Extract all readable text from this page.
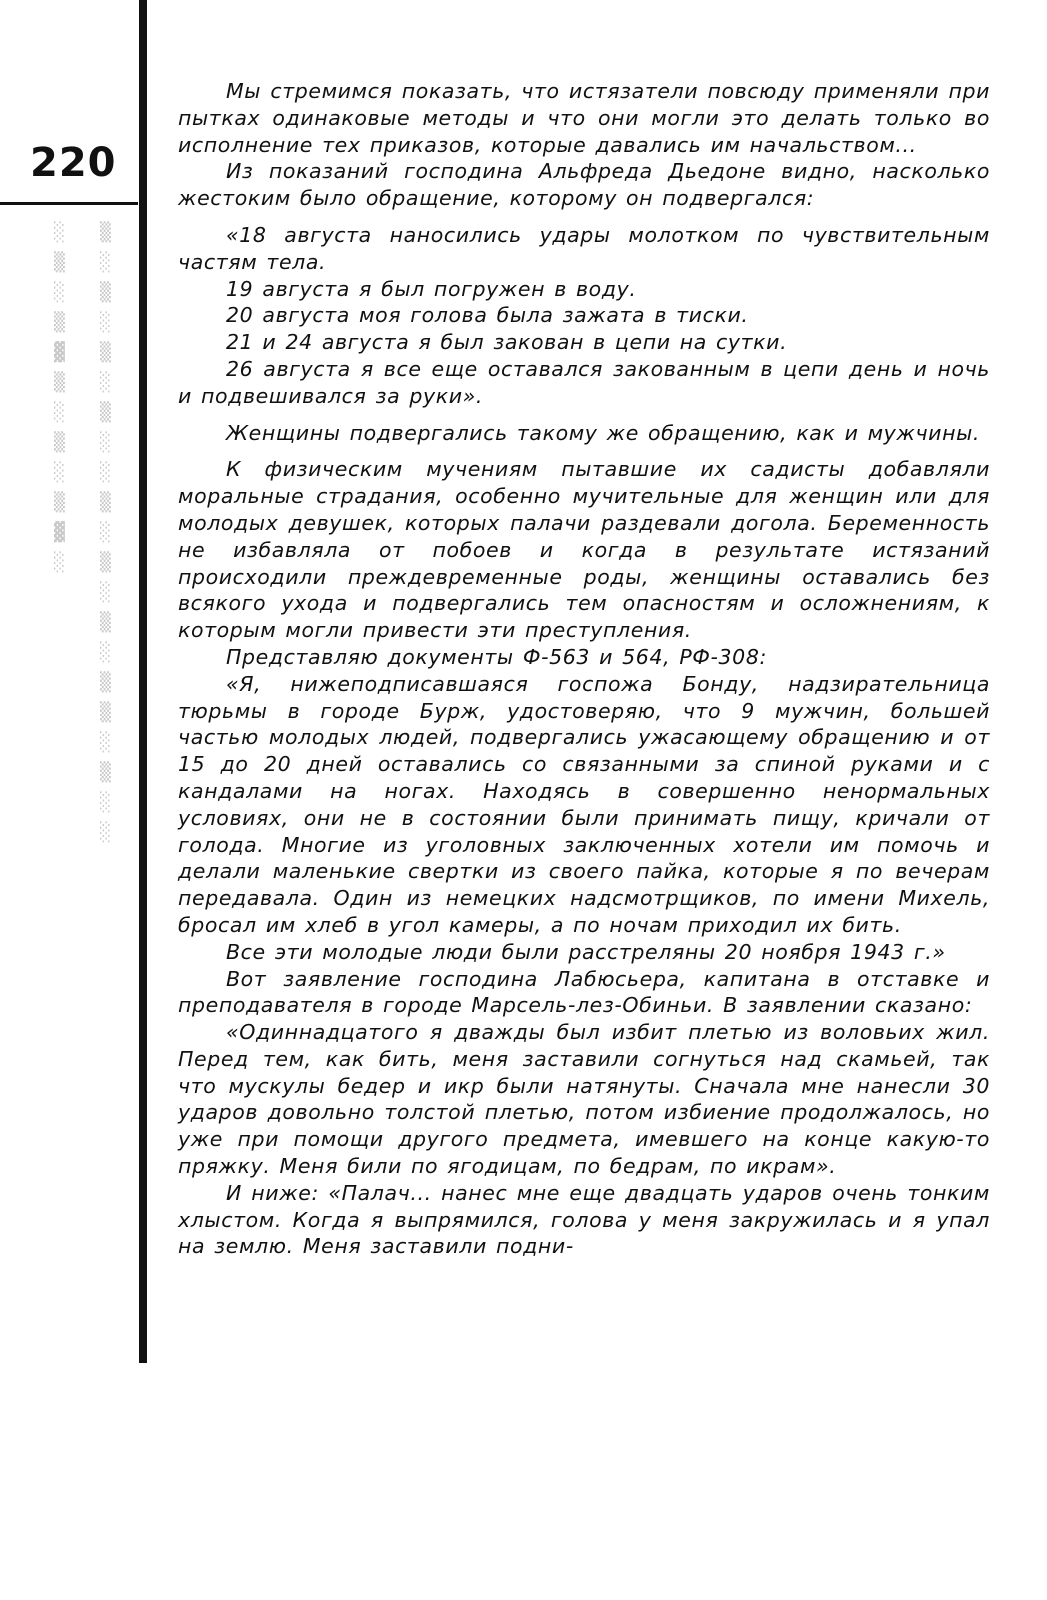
220
░
▒
░
▒
▓
▒
░
▒
░
▒
▓
░
▒
░
▒
░
▒
░
▒
░
░
▒
░
▒
░
▒
░
▒
▒
░
▒
░
░

Мы стремимся показать, что истязатели повсюду применяли при пытках одинаковые методы и что они могли это делать только во исполнение тех приказов, которые давались им начальством...

Из показаний господина Альфреда Дьедоне видно, насколько жестоким было обращение, которому он подвергался:

«18 августа наносились удары молотком по чувствительным частям тела.

19 августа я был погружен в воду.

20 августа моя голова была зажата в тиски.

21 и 24 августа я был закован в цепи на сутки.

26 августа я все еще оставался закованным в цепи день и ночь и подвешивался за руки».

Женщины подвергались такому же обращению, как и мужчины.

К физическим мучениям пытавшие их садисты добавляли моральные страдания, особенно мучительные для женщин или для молодых девушек, которых палачи раздевали догола. Беременность не избавляла от побоев и когда в результате истязаний происходили преждевременные роды, женщины оставались без всякого ухода и подвергались тем опасностям и осложнениям, к которым могли привести эти преступления.

Представляю документы Ф-563 и 564, РФ-308:

«Я, нижеподписавшаяся госпожа Бонду, надзирательница тюрьмы в городе Бурж, удостоверяю, что 9 мужчин, большей частью молодых людей, подвергались ужасающему обращению и от 15 до 20 дней оставались со связанными за спиной руками и с кандалами на ногах. Находясь в совершенно ненормальных условиях, они не в состоянии были принимать пищу, кричали от голода. Многие из уголовных заключенных хотели им помочь и делали маленькие свертки из своего пайка, которые я по вечерам передавала. Один из немецких надсмотрщиков, по имени Михель, бросал им хлеб в угол камеры, а по ночам приходил их бить.

Все эти молодые люди были расстреляны 20 ноября 1943 г.»

Вот заявление господина Лабюсьера, капитана в отставке и преподавателя в городе Марсель-лез-Обиньи. В заявлении сказано:

«Одиннадцатого я дважды был избит плетью из воловьих жил. Перед тем, как бить, меня заставили согнуться над скамьей, так что мускулы бедер и икр были натянуты. Сначала мне нанесли 30 ударов довольно толстой плетью, потом избиение продолжалось, но уже при помощи другого предмета, имевшего на конце какую-то пряжку. Меня били по ягодицам, по бедрам, по икрам».

И ниже: «Палач... нанес мне еще двадцать ударов очень тонким хлыстом. Когда я выпрямился, голова у меня закружилась и я упал на землю. Меня заставили подни-
